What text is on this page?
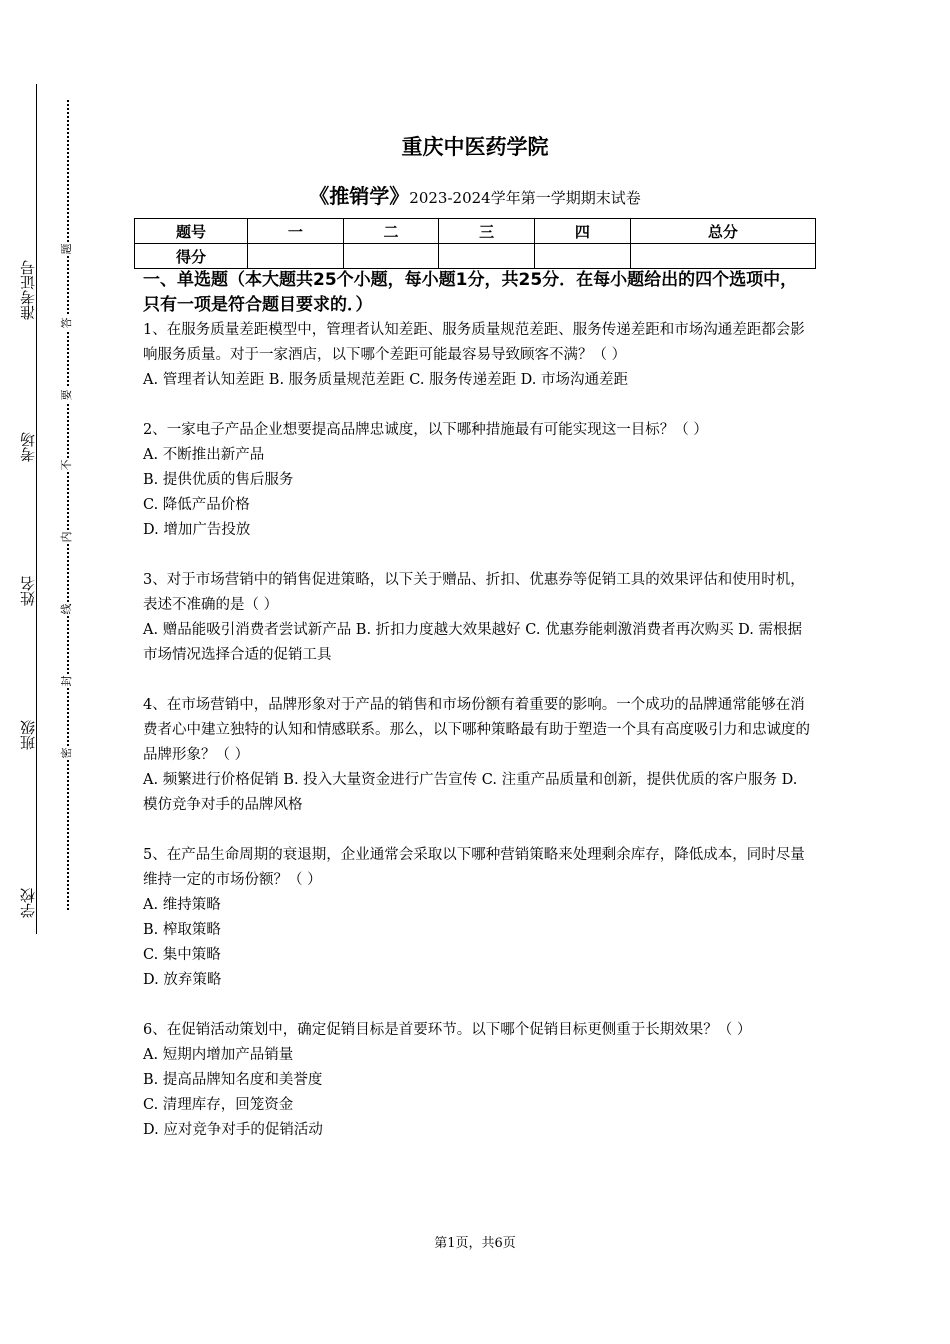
学校
班级
姓名
考场
准考证号
题
答
要
不
内
线
封
密
重庆中医药学院
《推销学》2023-2024学年第一学期期末试卷
题号	一	二	三	四	总分
得分					

一、单选题（本大题共25个小题，每小题1分，共25分．在每小题给出的四个选项中，只有一项是符合题目要求的．）

1、在服务质量差距模型中，管理者认知差距、服务质量规范差距、服务传递差距和市场沟通差距都会影响服务质量。对于一家酒店，以下哪个差距可能最容易导致顾客不满？（ ）

A. 管理者认知差距 B. 服务质量规范差距 C. 服务传递差距 D. 市场沟通差距

2、一家电子产品企业想要提高品牌忠诚度，以下哪种措施最有可能实现这一目标？（ ）

A. 不断推出新产品

B. 提供优质的售后服务

C. 降低产品价格

D. 增加广告投放

3、对于市场营销中的销售促进策略，以下关于赠品、折扣、优惠券等促销工具的效果评估和使用时机，表述不准确的是（ ）

A. 赠品能吸引消费者尝试新产品 B. 折扣力度越大效果越好 C. 优惠券能刺激消费者再次购买 D. 需根据市场情况选择合适的促销工具

4、在市场营销中，品牌形象对于产品的销售和市场份额有着重要的影响。一个成功的品牌通常能够在消费者心中建立独特的认知和情感联系。那么，以下哪种策略最有助于塑造一个具有高度吸引力和忠诚度的品牌形象？（ ）

A. 频繁进行价格促销 B. 投入大量资金进行广告宣传 C. 注重产品质量和创新，提供优质的客户服务 D. 模仿竞争对手的品牌风格

5、在产品生命周期的衰退期，企业通常会采取以下哪种营销策略来处理剩余库存，降低成本，同时尽量维持一定的市场份额？（ ）

A. 维持策略

B. 榨取策略

C. 集中策略

D. 放弃策略

6、在促销活动策划中，确定促销目标是首要环节。以下哪个促销目标更侧重于长期效果？（ ）

A. 短期内增加产品销量

B. 提高品牌知名度和美誉度

C. 清理库存，回笼资金

D. 应对竞争对手的促销活动

第1页，共6页
